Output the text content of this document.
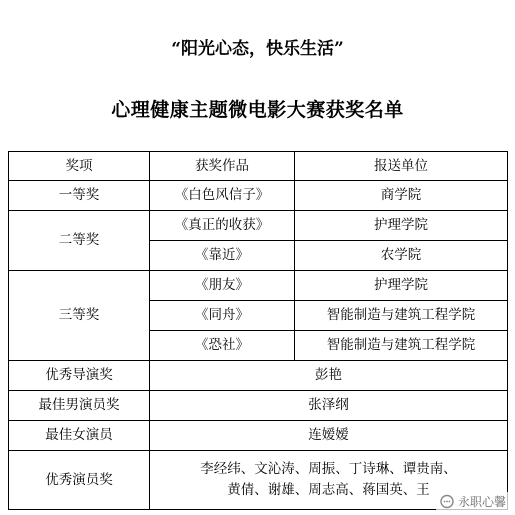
“阳光心态，快乐生活”
心理健康主题微电影大赛获奖名单
奖项	获奖作品	报送单位
一等奖	《白色风信子》	商学院
二等奖	《真正的收获》	护理学院
	《靠近》	农学院
三等奖	《朋友》	护理学院
	《同舟》	智能制造与建筑工程学院
	《恐社》	智能制造与建筑工程学院
优秀导演奖	彭艳	
最佳男演员奖	张泽纲	
最佳女演员	连嫒嫒	
优秀演员奖	李经纬、文沁涛、周振、丁诗琳、谭贵南、
黄倩、谢雄、周志高、蒋国英、王	
永职心馨
